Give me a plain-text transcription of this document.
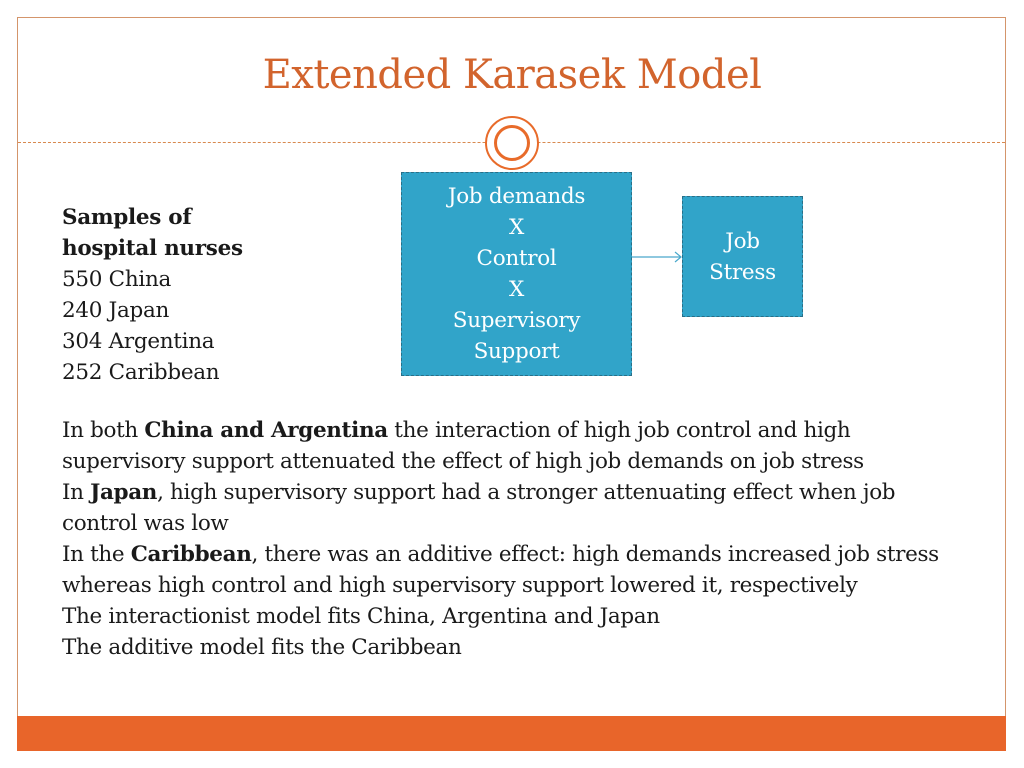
Extended Karasek Model
Samples of
hospital nurses
550 China
240 Japan
304 Argentina
252 Caribbean
Job demands
X
Control
X
Supervisory
Support
Job
Stress

In both China and Argentina the interaction of high job control and high supervisory support attenuated the effect of high job demands on job stress

In Japan, high supervisory support had a stronger attenuating effect when job control was low

In the Caribbean, there was an additive effect: high demands increased job stress whereas high control and high supervisory support lowered it, respectively

The interactionist model fits China, Argentina and Japan

The additive model fits the Caribbean
